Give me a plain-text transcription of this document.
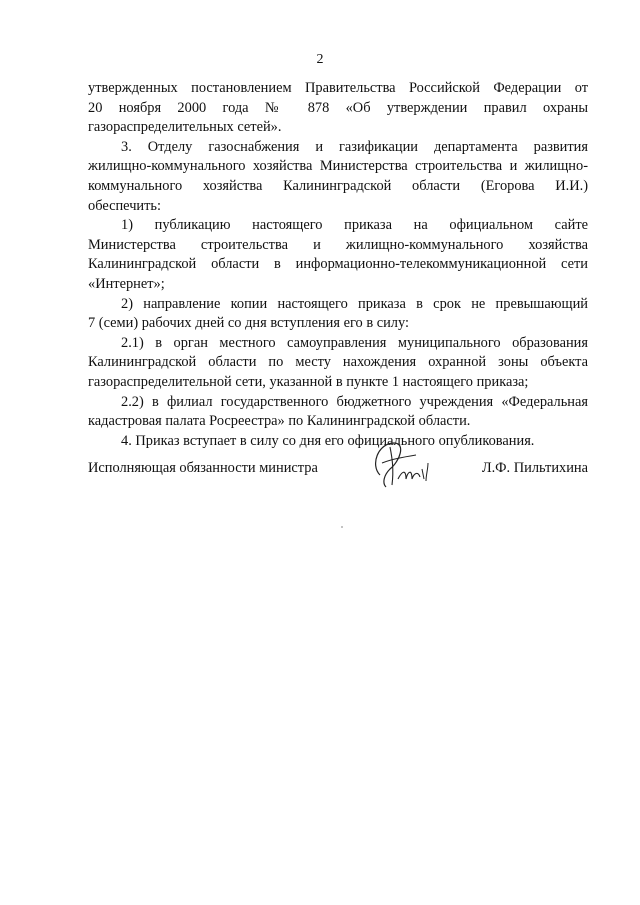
2

утвержденных постановлением Правительства Российской Федерации от
20 ноября 2000 года № 878 «Об утверждении правил охраны
газораспределительных сетей».

3. Отделу газоснабжения и газификации департамента развития
жилищно-коммунального хозяйства Министерства строительства и жилищно-
коммунального хозяйства Калининградской области (Егорова И.И.)
обеспечить:

1) публикацию настоящего приказа на официальном сайте
Министерства строительства и жилищно-коммунального хозяйства
Калининградской области в информационно-телекоммуникационной сети
«Интернет»;

2) направление копии настоящего приказа в срок не превышающий
7 (семи) рабочих дней со дня вступления его в силу:

2.1) в орган местного самоуправления муниципального образования
Калининградской области по месту нахождения охранной зоны объекта
газораспределительной сети, указанной в пункте 1 настоящего приказа;

2.2) в филиал государственного бюджетного учреждения «Федеральная
кадастровая палата Росреестра» по Калининградской области.

4. Приказ вступает в силу со дня его официального опубликования.

Исполняющая обязанности министра	Л.Ф. Пильтихина
